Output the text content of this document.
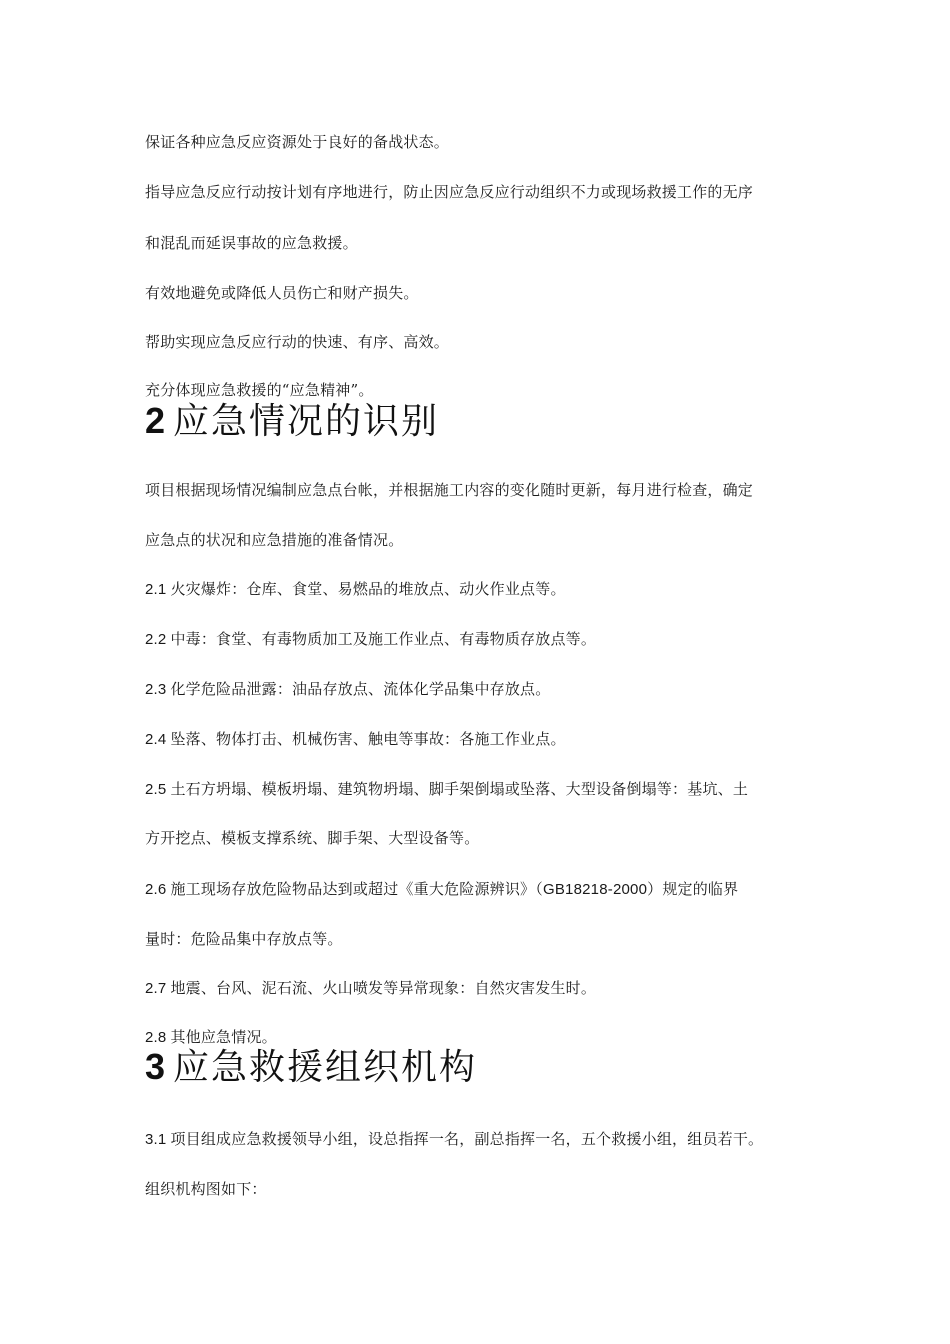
保证各种应急反应资源处于良好的备战状态。
指导应急反应行动按计划有序地进行，防止因应急反应行动组织不力或现场救援工作的无序
和混乱而延误事故的应急救援。
有效地避免或降低人员伤亡和财产损失。
帮助实现应急反应行动的快速、有序、高效。
充分体现应急救援的“应急精神”。
2 应急情况的识别
项目根据现场情况编制应急点台帐，并根据施工内容的变化随时更新，每月进行检查，确定
应急点的状况和应急措施的准备情况。
2.1 火灾爆炸：仓库、食堂、易燃品的堆放点、动火作业点等。
2.2 中毒：食堂、有毒物质加工及施工作业点、有毒物质存放点等。
2.3 化学危险品泄露：油品存放点、流体化学品集中存放点。
2.4 坠落、物体打击、机械伤害、触电等事故：各施工作业点。
2.5 土石方坍塌、模板坍塌、建筑物坍塌、脚手架倒塌或坠落、大型设备倒塌等：基坑、土
方开挖点、模板支撑系统、脚手架、大型设备等。
2.6 施工现场存放危险物品达到或超过《重大危险源辨识》（GB18218-2000）规定的临界
量时：危险品集中存放点等。
2.7 地震、台风、泥石流、火山喷发等异常现象：自然灾害发生时。
2.8 其他应急情况。
3 应急救援组织机构
3.1 项目组成应急救援领导小组，设总指挥一名，副总指挥一名，五个救援小组，组员若干。
组织机构图如下：
